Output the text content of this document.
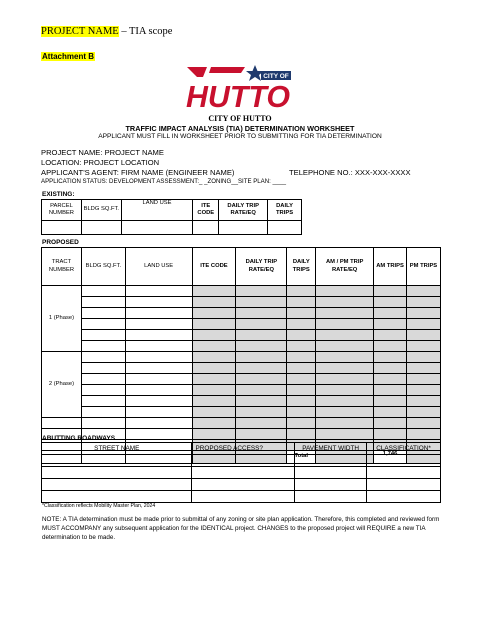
PROJECT NAME – TIA scope
Attachment B
CITY OF
HUTTO
CITY OF HUTTO
TRAFFIC IMPACT ANALYSIS (TIA) DETERMINATION WORKSHEET
APPLICANT MUST FILL IN WORKSHEET PRIOR TO SUBMITTING FOR TIA DETERMINATION
PROJECT NAME: PROJECT NAME
LOCATION: PROJECT LOCATION
APPLICANT'S AGENT: FIRM NAME (ENGINEER NAME)	TELEPHONE NO.: XXX-XXX-XXXX
APPLICATION STATUS: DEVELOPMENT ASSESSMENT:_ _ZONING__SITE PLAN: ____
EXISTING:
PARCEL NUMBER	BLDG SQ.FT.	LAND USE	ITE CODE	DAILY TRIP RATE/EQ	DAILY TRIPS

PROPOSED
TRACT NUMBER	BLDG SQ.FT.	LAND USE	ITE CODE	DAILY TRIP RATE/EQ	DAILY TRIPS	AM / PM TRIP RATE/EQ	AM TRIPS	PM TRIPS
1 (Phase)								

2 (Phase)								

					Total		1,746	
ABUTTING ROADWAYS
STREET NAME	PROPOSED ACCESS?	PAVEMENT WIDTH	CLASSIFICATION*

*Classification reflects Mobility Master Plan, 2024
NOTE: A TIA determination must be made prior to submittal of any zoning or site plan application. Therefore, this completed and reviewed form MUST ACCOMPANY any subsequent application for the IDENTICAL project. CHANGES to the proposed project will REQUIRE a new TIA determination to be made.
